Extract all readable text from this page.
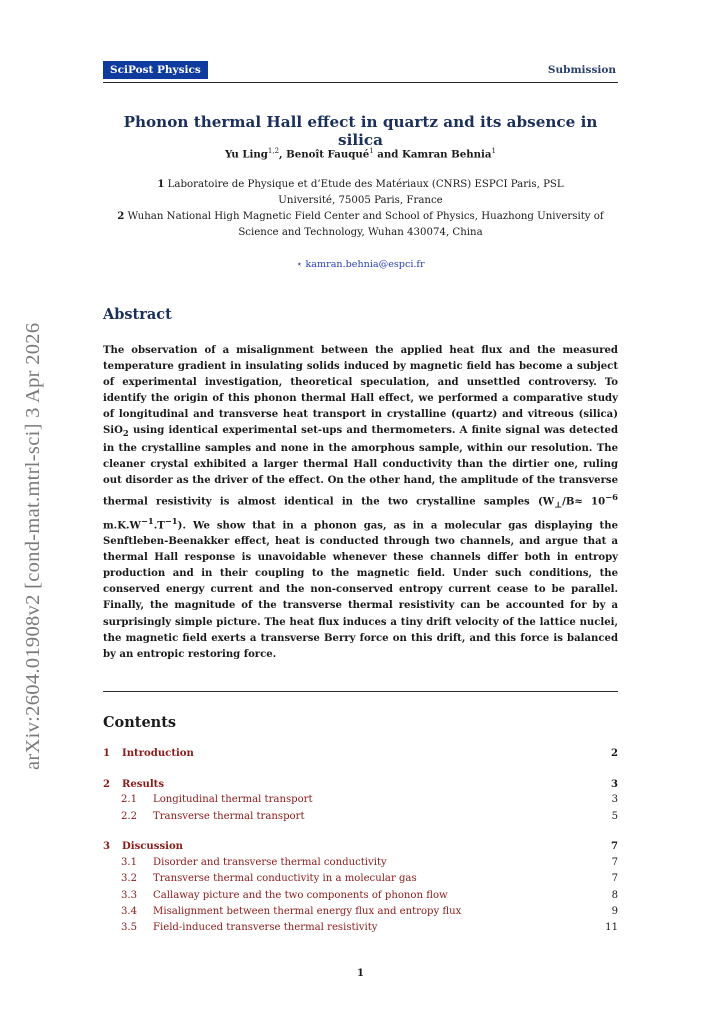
arXiv:2604.01908v2 [cond-mat.mtrl-sci] 3 Apr 2026
SciPost Physics	Submission
Phonon thermal Hall effect in quartz and its absence in silica
Yu Ling$^{1,2}$, Benoît Fauqué$^1$ and Kamran Behnia$^1$
1 Laboratoire de Physique et d’Etude des Matériaux (CNRS) ESPCI Paris, PSL Université, 75005 Paris, France
2 Wuhan National High Magnetic Field Center and School of Physics, Huazhong University of Science and Technology, Wuhan 430074, China
⋆ kamran.behnia@espci.fr
Abstract
The observation of a misalignment between the applied heat flux and the measured temperature gradient in insulating solids induced by magnetic field has become a subject of experimental investigation, theoretical speculation, and unsettled controversy. To identify the origin of this phonon thermal Hall effect, we performed a comparative study of longitudinal and transverse heat transport in crystalline (quartz) and vitreous (silica) SiO$_2$ using identical experimental set-ups and thermometers. A finite signal was detected in the crystalline samples and none in the amorphous sample, within our resolution. The cleaner crystal exhibited a larger thermal Hall conductivity than the dirtier one, ruling out disorder as the driver of the effect. On the other hand, the amplitude of the transverse thermal resistivity is almost identical in the two crystalline samples ($W_\perp/B\approx 10^{-6}$ $m.K.W^{-1}.T^{-1}$). We show that in a phonon gas, as in a molecular gas displaying the Senftleben-Beenakker effect, heat is conducted through two channels, and argue that a thermal Hall response is unavoidable whenever these channels differ both in entropy production and in their coupling to the magnetic field. Under such conditions, the conserved energy current and the non-conserved entropy current cease to be parallel. Finally, the magnitude of the transverse thermal resistivity can be accounted for by a surprisingly simple picture. The heat flux induces a tiny drift velocity of the lattice nuclei, the magnetic field exerts a transverse Berry force on this drift, and this force is balanced by an entropic restoring force.
Contents
1 Introduction	2
2 Results	3
2.1 Longitudinal thermal transport	3
2.2 Transverse thermal transport	5
3 Discussion	7
3.1 Disorder and transverse thermal conductivity	7
3.2 Transverse thermal conductivity in a molecular gas	7
3.3 Callaway picture and the two components of phonon flow	8
3.4 Misalignment between thermal energy flux and entropy flux	9
3.5 Field-induced transverse thermal resistivity	11
1
